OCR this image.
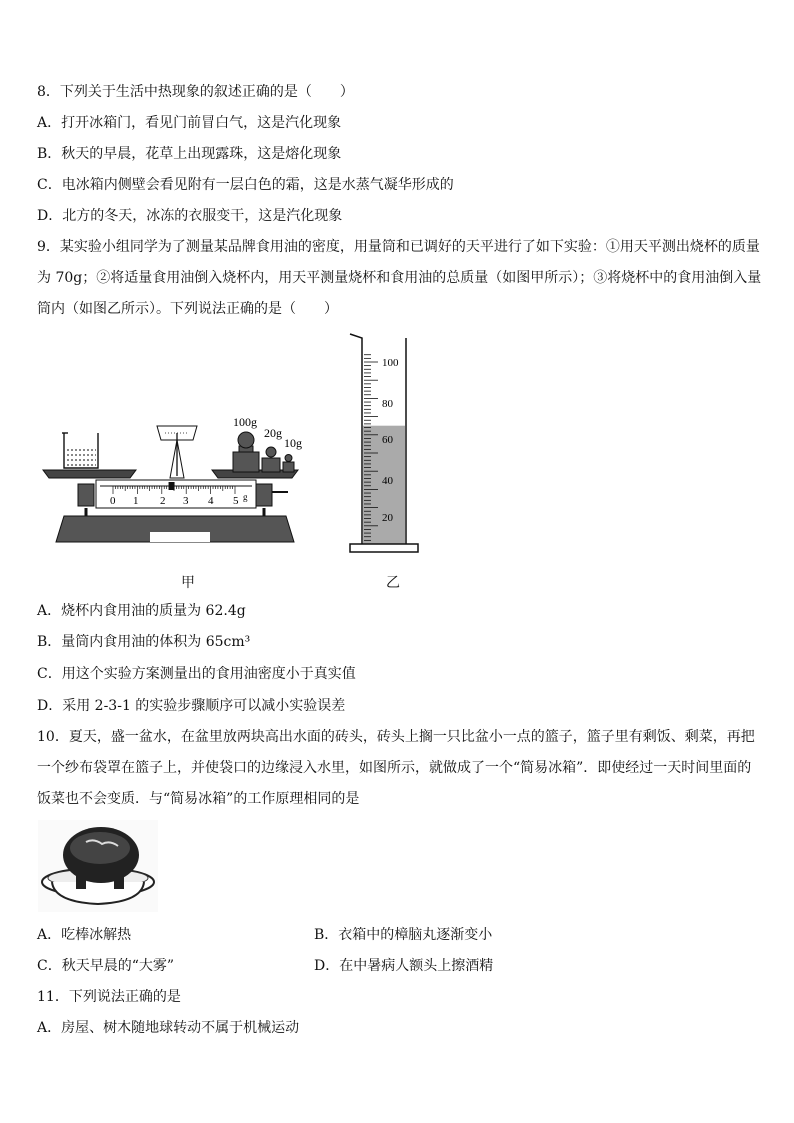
8．下列关于生活中热现象的叙述正确的是（　　）
A．打开冰箱门，看见门前冒白气，这是汽化现象
B．秋天的早晨，花草上出现露珠，这是熔化现象
C．电冰箱内侧壁会看见附有一层白色的霜，这是水蒸气凝华形成的
D．北方的冬天，冰冻的衣服变干，这是汽化现象
9．某实验小组同学为了测量某品牌食用油的密度，用量筒和已调好的天平进行了如下实验：①用天平测出烧杯的质量
为 70g；②将适量食用油倒入烧杯内，用天平测量烧杯和食用油的总质量（如图甲所示）；③将烧杯中的食用油倒入量
筒内（如图乙所示）。下列说法正确的是（　　）
100g
20g
10g
0 1 2 3 4 5 g
甲
100
80
60
40
20
乙
A．烧杯内食用油的质量为 62.4g
B．量筒内食用油的体积为 65cm³
C．用这个实验方案测量出的食用油密度小于真实值
D．采用 2-3-1 的实验步骤顺序可以减小实验误差
10．夏天，盛一盆水，在盆里放两块高出水面的砖头，砖头上搁一只比盆小一点的篮子，篮子里有剩饭、剩菜，再把
一个纱布袋罩在篮子上，并使袋口的边缘浸入水里，如图所示，就做成了一个“简易冰箱”．即使经过一天时间里面的
饭菜也不会变质．与“简易冰箱”的工作原理相同的是
A．吃棒冰解热	B．衣箱中的樟脑丸逐渐变小
C．秋天早晨的“大雾”	D．在中暑病人额头上擦酒精
11．下列说法正确的是
A．房屋、树木随地球转动不属于机械运动
